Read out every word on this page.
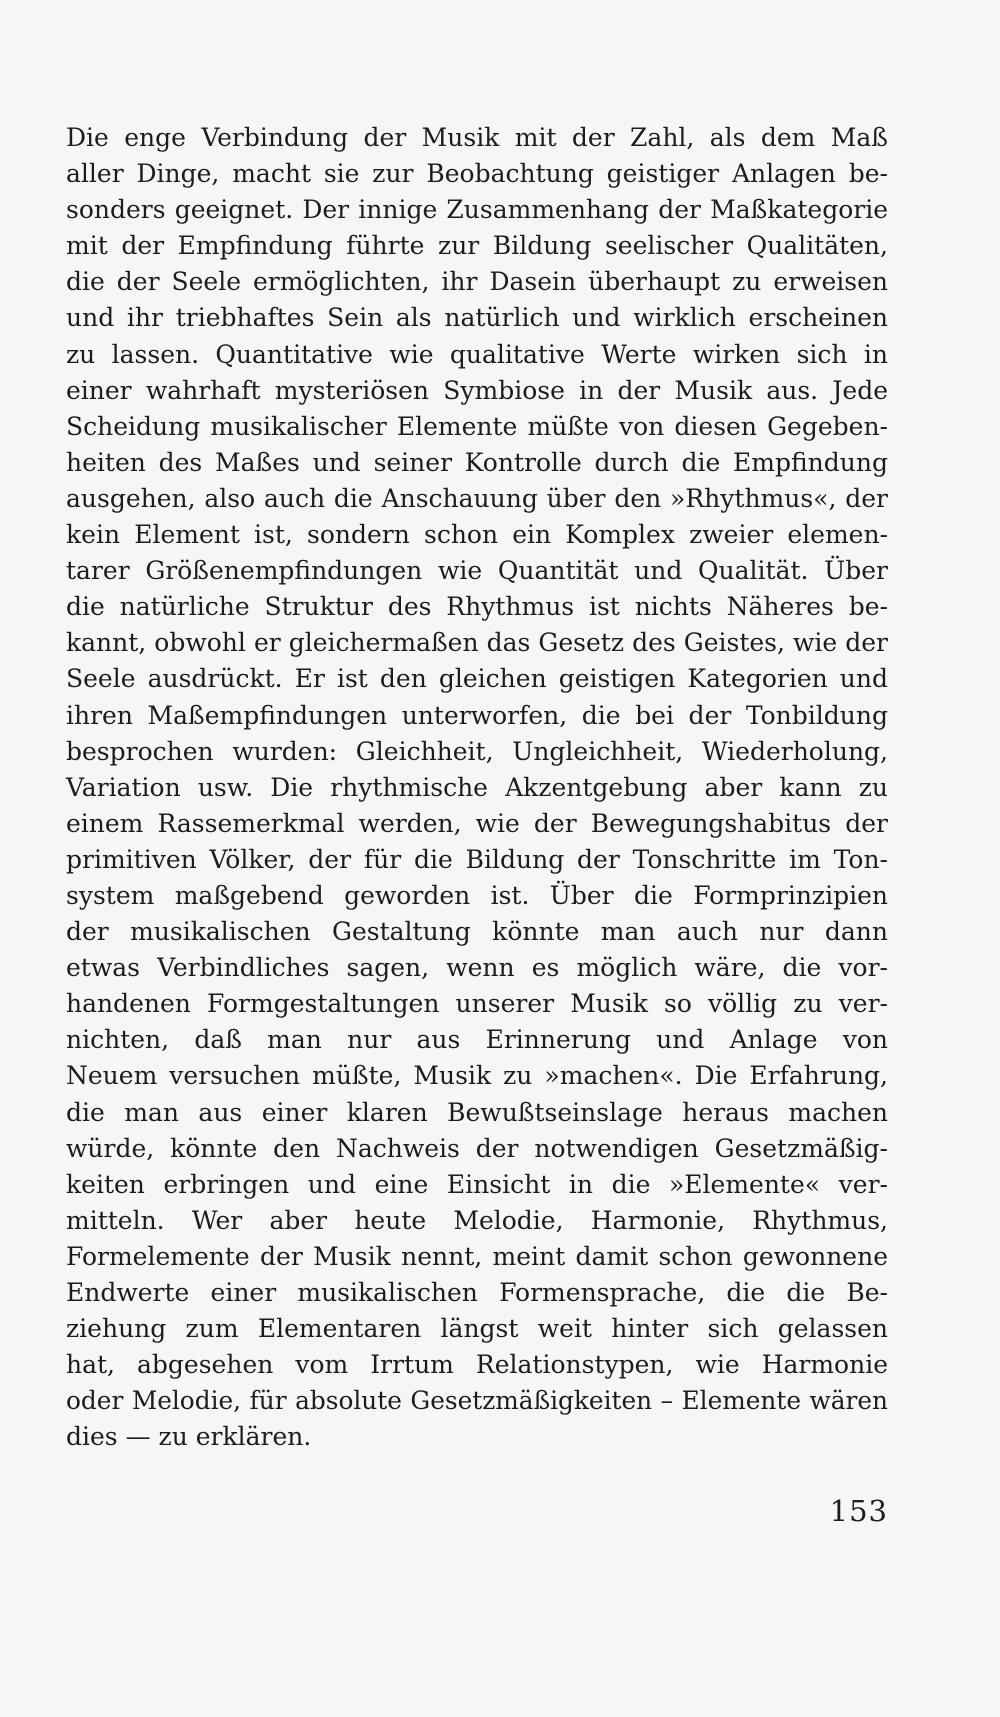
Die enge Verbindung der Musik mit der Zahl, als dem Maß
aller Dinge, macht sie zur Beobachtung geistiger Anlagen be-
sonders geeignet. Der innige Zusammenhang der Maßkategorie
mit der Empfindung führte zur Bildung seelischer Qualitäten,
die der Seele ermöglichten, ihr Dasein überhaupt zu erweisen
und ihr triebhaftes Sein als natürlich und wirklich erscheinen
zu lassen. Quantitative wie qualitative Werte wirken sich in
einer wahrhaft mysteriösen Symbiose in der Musik aus. Jede
Scheidung musikalischer Elemente müßte von diesen Gegeben-
heiten des Maßes und seiner Kontrolle durch die Empfindung
ausgehen, also auch die Anschauung über den »Rhythmus«, der
kein Element ist, sondern schon ein Komplex zweier elemen-
tarer Größenempfindungen wie Quantität und Qualität. Über
die natürliche Struktur des Rhythmus ist nichts Näheres be-
kannt, obwohl er gleichermaßen das Gesetz des Geistes, wie der
Seele ausdrückt. Er ist den gleichen geistigen Kategorien und
ihren Maßempfindungen unterworfen, die bei der Tonbildung
besprochen wurden: Gleichheit, Ungleichheit, Wiederholung,
Variation usw. Die rhythmische Akzentgebung aber kann zu
einem Rassemerkmal werden, wie der Bewegungshabitus der
primitiven Völker, der für die Bildung der Tonschritte im Ton-
system maßgebend geworden ist. Über die Formprinzipien
der musikalischen Gestaltung könnte man auch nur dann
etwas Verbindliches sagen, wenn es möglich wäre, die vor-
handenen Formgestaltungen unserer Musik so völlig zu ver-
nichten, daß man nur aus Erinnerung und Anlage von
Neuem versuchen müßte, Musik zu »machen«. Die Erfahrung,
die man aus einer klaren Bewußtseinslage heraus machen
würde, könnte den Nachweis der notwendigen Gesetzmäßig-
keiten erbringen und eine Einsicht in die »Elemente« ver-
mitteln. Wer aber heute Melodie, Harmonie, Rhythmus,
Formelemente der Musik nennt, meint damit schon gewonnene
Endwerte einer musikalischen Formensprache, die die Be-
ziehung zum Elementaren längst weit hinter sich gelassen
hat, abgesehen vom Irrtum Relationstypen, wie Harmonie
oder Melodie, für absolute Gesetzmäßigkeiten – Elemente wären
dies — zu erklären.
153
